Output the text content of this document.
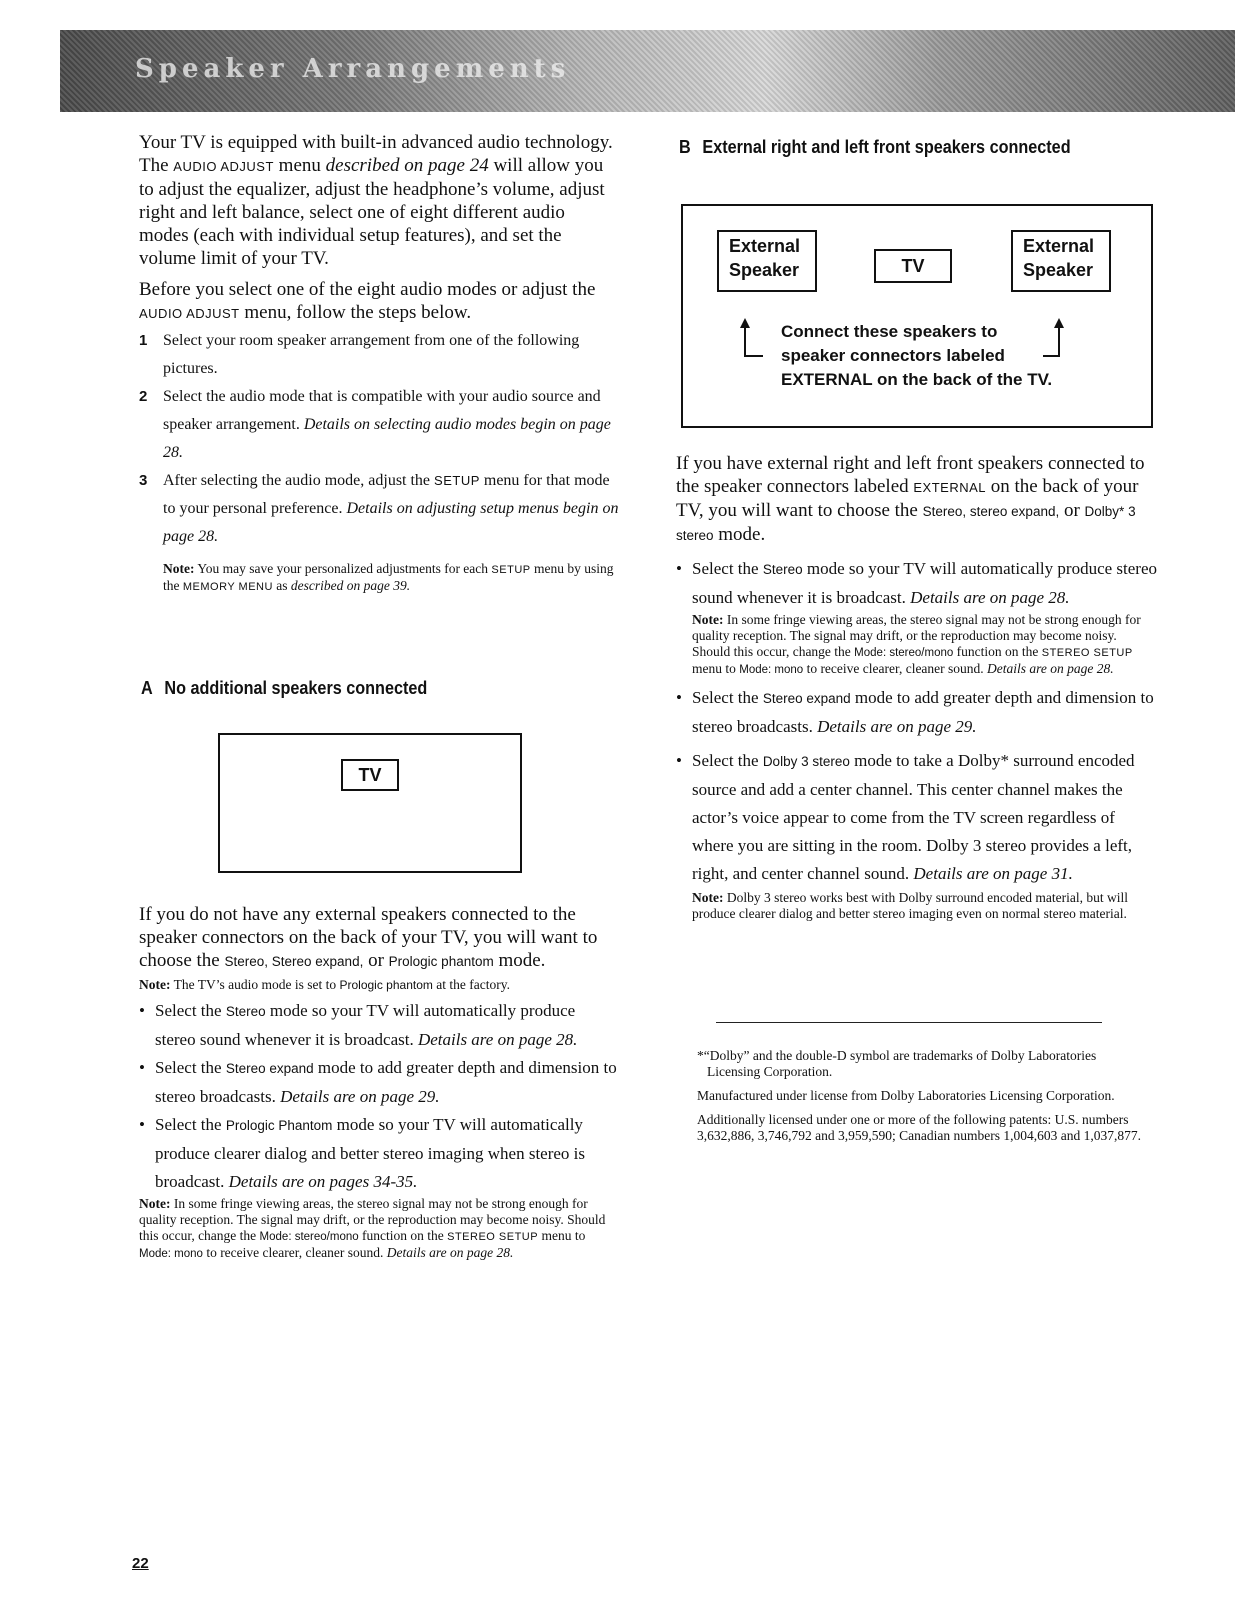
Speaker Arrangements

Your TV is equipped with built-in advanced audio technology. The AUDIO ADJUST menu described on page 24 will allow you to adjust the equalizer, adjust the headphone’s volume, adjust right and left balance, select one of eight different audio modes (each with individual setup features), and set the volume limit of your TV.

Before you select one of the eight audio modes or adjust the AUDIO ADJUST menu, follow the steps below.

1 Select your room speaker arrangement from one of the following pictures.
2 Select the audio mode that is compatible with your audio source and speaker arrangement. Details on selecting audio modes begin on page 28.
3 After selecting the audio mode, adjust the SETUP menu for that mode to your personal preference. Details on adjusting setup menus begin on page 28.

Note: You may save your personalized adjustments for each SETUP menu by using the MEMORY MENU as described on page 39.

A No additional speakers connected
TV

If you do not have any external speakers connected to the speaker connectors on the back of your TV, you will want to choose the Stereo, Stereo expand, or Prologic phantom mode.

Note: The TV’s audio mode is set to Prologic phantom at the factory.

• Select the Stereo mode so your TV will automatically produce stereo sound whenever it is broadcast. Details are on page 28.
• Select the Stereo expand mode to add greater depth and dimension to stereo broadcasts. Details are on page 29.
• Select the Prologic Phantom mode so your TV will automatically produce clearer dialog and better stereo imaging when stereo is broadcast. Details are on pages 34-35.

Note: In some fringe viewing areas, the stereo signal may not be strong enough for quality reception. The signal may drift, or the reproduction may become noisy. Should this occur, change the Mode: stereo/mono function on the STEREO SETUP menu to Mode: mono to receive clearer, cleaner sound. Details are on page 28.

B External right and left front speakers connected
External
Speaker	TV
External
Speaker
Connect these speakers to
speaker connectors labeled
EXTERNAL on the back of the TV.

If you have external right and left front speakers connected to the speaker connectors labeled EXTERNAL on the back of your TV, you will want to choose the Stereo, stereo expand, or Dolby* 3 stereo mode.

• Select the Stereo mode so your TV will automatically produce stereo sound whenever it is broadcast. Details are on page 28.

Note: In some fringe viewing areas, the stereo signal may not be strong enough for quality reception. The signal may drift, or the reproduction may become noisy. Should this occur, change the Mode: stereo/mono function on the STEREO SETUP menu to Mode: mono to receive clearer, cleaner sound. Details are on page 28.

• Select the Stereo expand mode to add greater depth and dimension to stereo broadcasts. Details are on page 29.
• Select the Dolby 3 stereo mode to take a Dolby* surround encoded source and add a center channel. This center channel makes the actor’s voice appear to come from the TV screen regardless of where you are sitting in the room. Dolby 3 stereo provides a left, right, and center channel sound. Details are on page 31.

Note: Dolby 3 stereo works best with Dolby surround encoded material, but will produce clearer dialog and better stereo imaging even on normal stereo material.

*“Dolby” and the double-D symbol are trademarks of Dolby Laboratories Licensing Corporation.

Manufactured under license from Dolby Laboratories Licensing Corporation.

Additionally licensed under one or more of the following patents: U.S. numbers 3,632,886, 3,746,792 and 3,959,590; Canadian numbers 1,004,603 and 1,037,877.

22
